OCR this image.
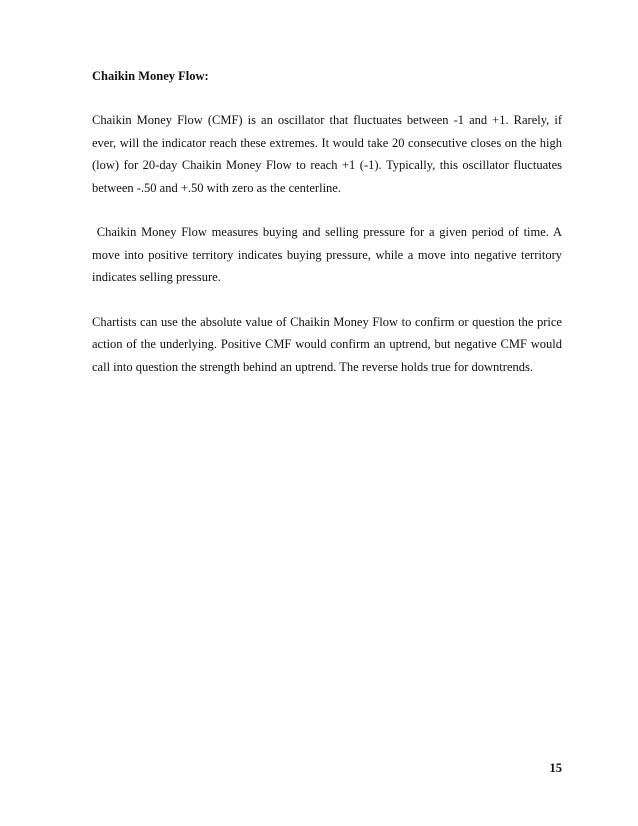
Chaikin Money Flow:

Chaikin Money Flow (CMF) is an oscillator that fluctuates between -1 and +1. Rarely, if ever, will the indicator reach these extremes. It would take 20 consecutive closes on the high (low) for 20-day Chaikin Money Flow to reach +1 (-1). Typically, this oscillator fluctuates between -.50 and +.50 with zero as the centerline.

Chaikin Money Flow measures buying and selling pressure for a given period of time. A move into positive territory indicates buying pressure, while a move into negative territory indicates selling pressure.

Chartists can use the absolute value of Chaikin Money Flow to confirm or question the price action of the underlying. Positive CMF would confirm an uptrend, but negative CMF would call into question the strength behind an uptrend. The reverse holds true for downtrends.

15
